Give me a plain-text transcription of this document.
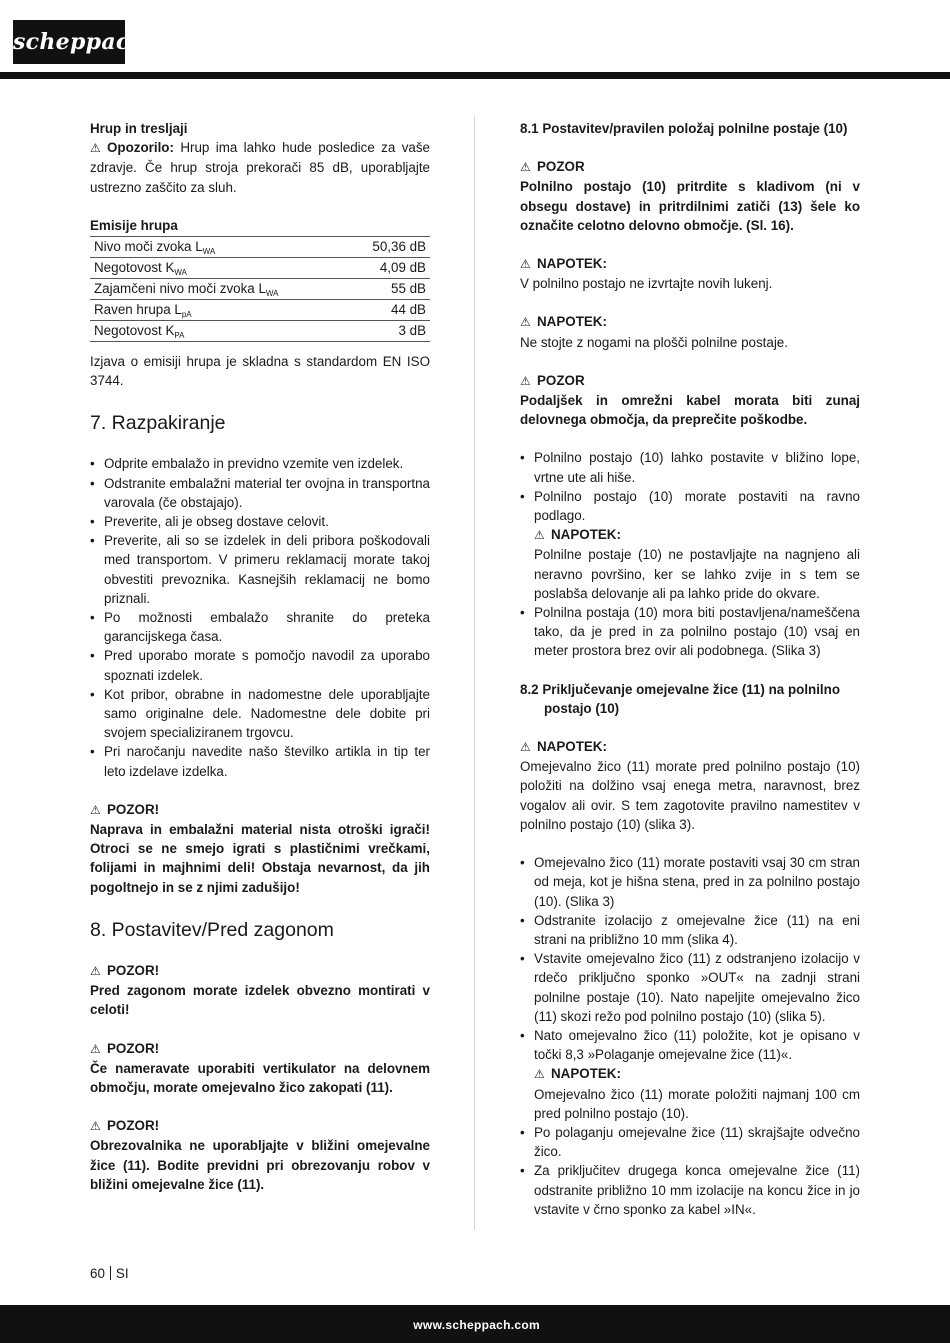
scheppach

Hrup in tresljaji

⚠ Opozorilo: Hrup ima lahko hude posledice za vaše zdravje. Če hrup stroja prekorači 85 dB, uporabljajte ustrezno zaščito za sluh.

Emisije hrupa

Nivo moči zvoka $L_{WA}$	50,36 dB
Negotovost $K_{WA}$	4,09 dB
Zajamčeni nivo moči zvoka $L_{WA}$	55 dB
Raven hrupa $L_{pA}$	44 dB
Negotovost $K_{PA}$	3 dB

Izjava o emisiji hrupa je skladna s standardom EN ISO 3744.

7. Razpakiranje
• Odprite embalažo in previdno vzemite ven izdelek.
• Odstranite embalažni material ter ovojna in transportna varovala (če obstajajo).
• Preverite, ali je obseg dostave celovit.
• Preverite, ali so se izdelek in deli pribora poškodovali med transportom. V primeru reklamacij morate takoj obvestiti prevoznika. Kasnejših reklamacij ne bomo priznali.
• Po možnosti embalažo shranite do preteka garancijskega časa.
• Pred uporabo morate s pomočjo navodil za uporabo spoznati izdelek.
• Kot pribor, obrabne in nadomestne dele uporabljajte samo originalne dele. Nadomestne dele dobite pri svojem specializiranem trgovcu.
• Pri naročanju navedite našo številko artikla in tip ter leto izdelave izdelka.

⚠ POZOR!

Naprava in embalažni material nista otroški igrači! Otroci se ne smejo igrati s plastičnimi vrečkami, folijami in majhnimi deli! Obstaja nevarnost, da jih pogoltnejo in se z njimi zadušijo!

8. Postavitev/Pred zagonom

⚠ POZOR!

Pred zagonom morate izdelek obvezno montirati v celoti!

⚠ POZOR!

Če nameravate uporabiti vertikulator na delovnem območju, morate omejevalno žico zakopati (11).

⚠ POZOR!

Obrezovalnika ne uporabljajte v bližini omejevalne žice (11). Bodite previdni pri obrezovanju robov v bližini omejevalne žice (11).

8.1 Postavitev/pravilen položaj polnilne postaje (10)

⚠ POZOR

Polnilno postajo (10) pritrdite s kladivom (ni v obsegu dostave) in pritrdilnimi zatiči (13) šele ko označite celotno delovno območje. (Sl. 16).

⚠ NAPOTEK:

V polnilno postajo ne izvrtajte novih lukenj.

⚠ NAPOTEK:

Ne stojte z nogami na plošči polnilne postaje.

⚠ POZOR

Podaljšek in omrežni kabel morata biti zunaj delovnega območja, da preprečite poškodbe.

• Polnilno postajo (10) lahko postavite v bližino lope, vrtne ute ali hiše.
• Polnilno postajo (10) morate postaviti na ravno podlago.
⚠ NAPOTEK:
Polnilne postaje (10) ne postavljajte na nagnjeno ali neravno površino, ker se lahko zvije in s tem se poslabša delovanje ali pa lahko pride do okvare.
• Polnilna postaja (10) mora biti postavljena/nameščena tako, da je pred in za polnilno postajo (10) vsaj en meter prostora brez ovir ali podobnega. (Slika 3)

8.2 Priključevanje omejevalne žice (11) na polnilno postajo (10)

⚠ NAPOTEK:

Omejevalno žico (11) morate pred polnilno postajo (10) položiti na dolžino vsaj enega metra, naravnost, brez vogalov ali ovir. S tem zagotovite pravilno namestitev v polnilno postajo (10) (slika 3).

• Omejevalno žico (11) morate postaviti vsaj 30 cm stran od meja, kot je hišna stena, pred in za polnilno postajo (10). (Slika 3)
• Odstranite izolacijo z omejevalne žice (11) na eni strani na približno 10 mm (slika 4).
• Vstavite omejevalno žico (11) z odstranjeno izolacijo v rdečo priključno sponko »OUT« na zadnji strani polnilne postaje (10). Nato napeljite omejevalno žico (11) skozi režo pod polnilno postajo (10) (slika 5).
• Nato omejevalno žico (11) položite, kot je opisano v točki 8,3 »Polaganje omejevalne žice (11)«.
⚠ NAPOTEK:
Omejevalno žico (11) morate položiti najmanj 100 cm pred polnilno postajo (10).
• Po polaganju omejevalne žice (11) skrajšajte odvečno žico.
• Za priključitev drugega konca omejevalne žice (11) odstranite približno 10 mm izolacije na koncu žice in jo vstavite v črno sponko za kabel »IN«.
60 SI
www.scheppach.com
